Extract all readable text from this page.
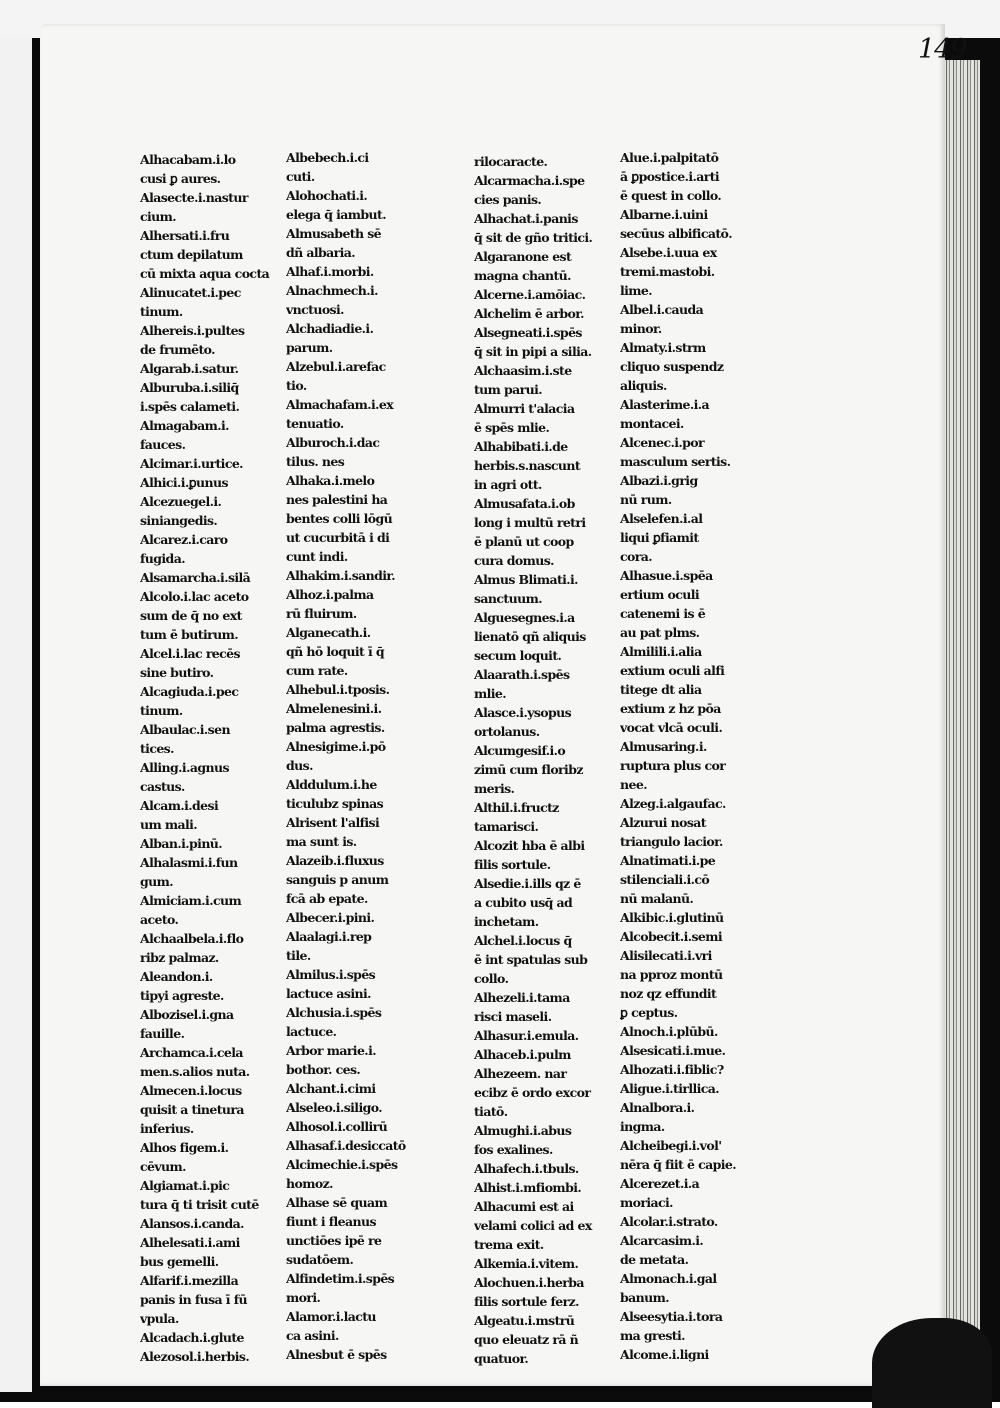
149
Alhacabam.i.lo
cusi ꝑ aures.
Alasecte.i.nastur
cium.
Alhersati.i.fru
ctum depilatum
cū mixta aqua cocta
Alinucatet.i.pec
tinum.
Alhereis.i.pultes
de frumēto.
Algarab.i.satur.
Alburuba.i.siliq̄
i.spēs calameti.
Almagabam.i.
fauces.
Alcimar.i.urtice.
Alhici.i.ꝑunus
Alcezuegel.i.
siniangedis.
Alcarez.i.caro
fugida.
Alsamarcha.i.silā
Alcolo.i.lac aceto
sum de q̄ no ext
tum ē butirum.
Alcel.i.lac recēs
sine butiro.
Alcagiuda.i.pec
tinum.
Albaulac.i.sen
tices.
Alling.i.agnus
castus.
Alcam.i.desi
um mali.
Alban.i.pinū.
Alhalasmi.i.fun
gum.
Almiciam.i.cum
aceto.
Alchaalbela.i.flo
ribz palmaz.
Aleandon.i.
tipyi agreste.
Albozisel.i.gna
fauille.
Archamca.i.cela
men.s.alios nuta.
Almecen.i.locus
quisit a tinetura
inferius.
Alhos figem.i.
cēvum.
Algiamat.i.pic
tura q̄ ti trisit cutē
Alansos.i.canda.
Alhelesati.i.ami
bus gemelli.
Alfarif.i.mezilla
panis in fusa ī fū
vpula.
Alcadach.i.glute
Alezosol.i.herbis.
Albebech.i.ci
cuti.
Alohochati.i.
elega q̄ iambut.
Almusabeth sē
dñ albaria.
Alhaf.i.morbi.
Alnachmech.i.
vnctuosi.
Alchadiadie.i.
parum.
Alzebul.i.arefac
tio.
Almachafam.i.ex
tenuatio.
Alburoch.i.dac
tilus. nes
Alhaka.i.melo
nes palestini ha
bentes colli lōgū
ut cucurbitā i di
cunt indi.
Alhakim.i.sandir.
Alhoz.i.palma
rū fluirum.
Alganecath.i.
qñ hō loquit ī q̄
cum rate.
Alhebul.i.tposis.
Almelenesini.i.
palma agrestis.
Alnesigime.i.pō
dus.
Alddulum.i.he
ticulubz spinas
Alrisent l'alfisi
ma sunt is.
Alazeib.i.fluxus
sanguis p anum
fcā ab epate.
Albecer.i.pini.
Alaalagi.i.rep
tile.
Almilus.i.spēs
lactuce asini.
Alchusia.i.spēs
lactuce.
Arbor marie.i.
bothor. ces.
Alchant.i.cimi
Alseleo.i.siligo.
Alhosol.i.collirū
Alhasaf.i.desiccatō
Alcimechie.i.spēs
homoz.
Alhase sē quam
fiunt i fleanus
unctiōes ipē re
sudatōem.
Alfindetim.i.spēs
mori.
Alamor.i.lactu
ca asini.
Alnesbut ē spēs
rilocaracte.
Alcarmacha.i.spe
cies panis.
Alhachat.i.panis
q̄ sit de gño tritici.
Algaranone est
magna chantū.
Alcerne.i.amōiac.
Alchelim ē arbor.
Alsegneati.i.spēs
q̄ sit in pipi a silia.
Alchaasim.i.ste
tum parui.
Almurri t'alacia
ē spēs mlie.
Alhabibati.i.de
herbis.s.nascunt
in agri ott.
Almusafata.i.ob
long i multū retri
ē planū ut coop
cura domus.
Almus Blimati.i.
sanctuum.
Alguesegnes.i.a
lienatō qñ aliquis
secum loquit.
Alaarath.i.spēs
mlie.
Alasce.i.ysopus
ortolanus.
Alcumgesif.i.o
zimū cum floribz
meris.
Althil.i.fructz
tamarisci.
Alcozit hba ē albi
filis sortule.
Alsedie.i.ills qz ē
a cubito usq̄ ad
inchetam.
Alchel.i.locus q̄
ē int spatulas sub
collo.
Alhezeli.i.tama
risci maseli.
Alhasur.i.emula.
Alhaceb.i.pulm
Alhezeem. nar
ecibz ē ordo excor
tiatō.
Almughi.i.abus
fos exalines.
Alhafech.i.tbuls.
Alhist.i.mfiombi.
Alhacumi est ai
velami colici ad ex
trema exit.
Alkemia.i.vitem.
Alochuen.i.herba
filis sortule ferz.
Algeatu.i.mstrū
quo eleuatz rā ñ
quatuor.
Alue.i.palpitatō
ā ꝑpostice.i.arti
ē quest in collo.
Albarne.i.uini
secūus albificatō.
Alsebe.i.uua ex
tremi.mastobi.
lime.
Albel.i.cauda
minor.
Almaty.i.strm
cliquo suspendz
aliquis.
Alasterime.i.a
montacei.
Alcenec.i.por
masculum sertis.
Albazi.i.grig
nū rum.
Alselefen.i.al
liqui ꝑfiamit
cora.
Alhasue.i.spēa
ertium oculi
catenemi is ē
au pat plms.
Almilili.i.alia
extium oculi alfi
titege dt alia
extium z hz pōa
vocat vlcā oculi.
Almusaring.i.
ruptura plus cor
nee.
Alzeg.i.algaufac.
Alzurui nosat
triangulo lacior.
Alnatimati.i.pe
stilenciali.i.cō
nū malanū.
Alkibic.i.glutinū
Alcobecit.i.semi
Alisilecati.i.vri
na pproz montū
noz qz effundit
ꝑ ceptus.
Alnoch.i.plūbū.
Alsesicati.i.mue.
Alhozati.i.fiblic?
Aligue.i.tirllica.
Alnalbora.i.
ingma.
Alcheibegi.i.vol'
nēra q̄ fiit ē capie.
Alcerezet.i.a
moriaci.
Alcolar.i.strato.
Alcarcasim.i.
de metata.
Almonach.i.gal
banum.
Alseesytia.i.tora
ma gresti.
Alcome.i.ligni
